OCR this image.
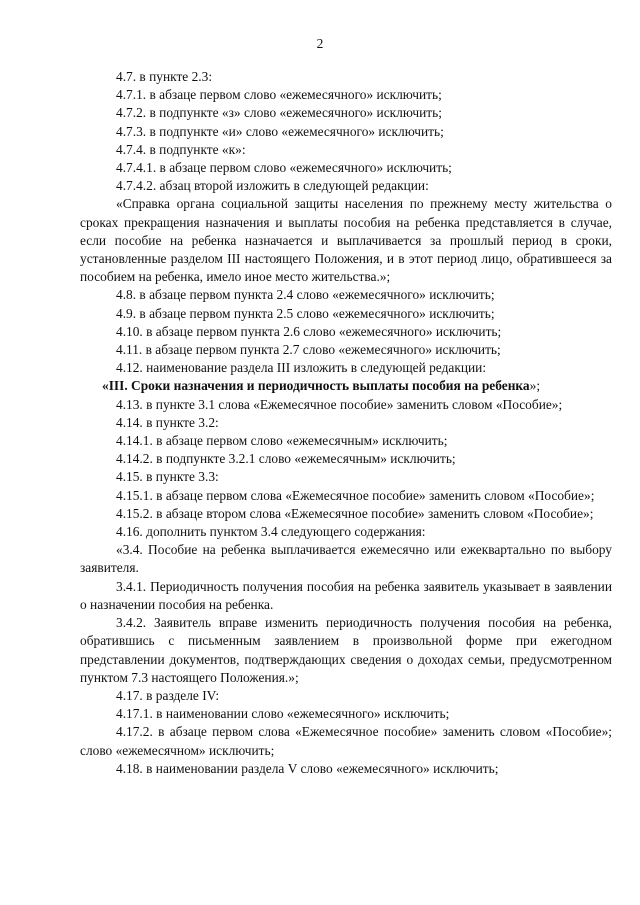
2

4.7. в пункте 2.3:

4.7.1. в абзаце первом слово «ежемесячного» исключить;

4.7.2. в подпункте «з» слово «ежемесячного» исключить;

4.7.3. в подпункте «и» слово «ежемесячного» исключить;

4.7.4. в подпункте «к»:

4.7.4.1. в абзаце первом слово «ежемесячного» исключить;

4.7.4.2. абзац второй изложить в следующей редакции:

«Справка органа социальной защиты населения по прежнему месту жительства о сроках прекращения назначения и выплаты пособия на ребенка представляется в случае, если пособие на ребенка назначается и выплачивается за прошлый период в сроки, установленные разделом III настоящего Положения, и в этот период лицо, обратившееся за пособием на ребенка, имело иное место жительства.»;

4.8. в абзаце первом пункта 2.4 слово «ежемесячного» исключить;

4.9. в абзаце первом пункта 2.5 слово «ежемесячного» исключить;

4.10. в абзаце первом пункта 2.6 слово «ежемесячного» исключить;

4.11. в абзаце первом пункта 2.7 слово «ежемесячного» исключить;

4.12. наименование раздела III изложить в следующей редакции:

«III. Сроки назначения и периодичность выплаты пособия на ребенка»;

4.13. в пункте 3.1 слова «Ежемесячное пособие» заменить словом «Пособие»;

4.14. в пункте 3.2:

4.14.1. в абзаце первом слово «ежемесячным» исключить;

4.14.2. в подпункте 3.2.1 слово «ежемесячным» исключить;

4.15. в пункте 3.3:

4.15.1. в абзаце первом слова «Ежемесячное пособие» заменить словом «Пособие»;

4.15.2. в абзаце втором слова «Ежемесячное пособие» заменить словом «Пособие»;

4.16. дополнить пунктом 3.4 следующего содержания:

«3.4. Пособие на ребенка выплачивается ежемесячно или ежеквартально по выбору заявителя.

3.4.1. Периодичность получения пособия на ребенка заявитель указывает в заявлении о назначении пособия на ребенка.

3.4.2. Заявитель вправе изменить периодичность получения пособия на ребенка, обратившись с письменным заявлением в произвольной форме при ежегодном представлении документов, подтверждающих сведения о доходах семьи, предусмотренном пунктом 7.3 настоящего Положения.»;

4.17. в разделе IV:

4.17.1. в наименовании слово «ежемесячного» исключить;

4.17.2. в абзаце первом слова «Ежемесячное пособие» заменить словом «Пособие»; слово «ежемесячном» исключить;

4.18. в наименовании раздела V слово «ежемесячного» исключить;
